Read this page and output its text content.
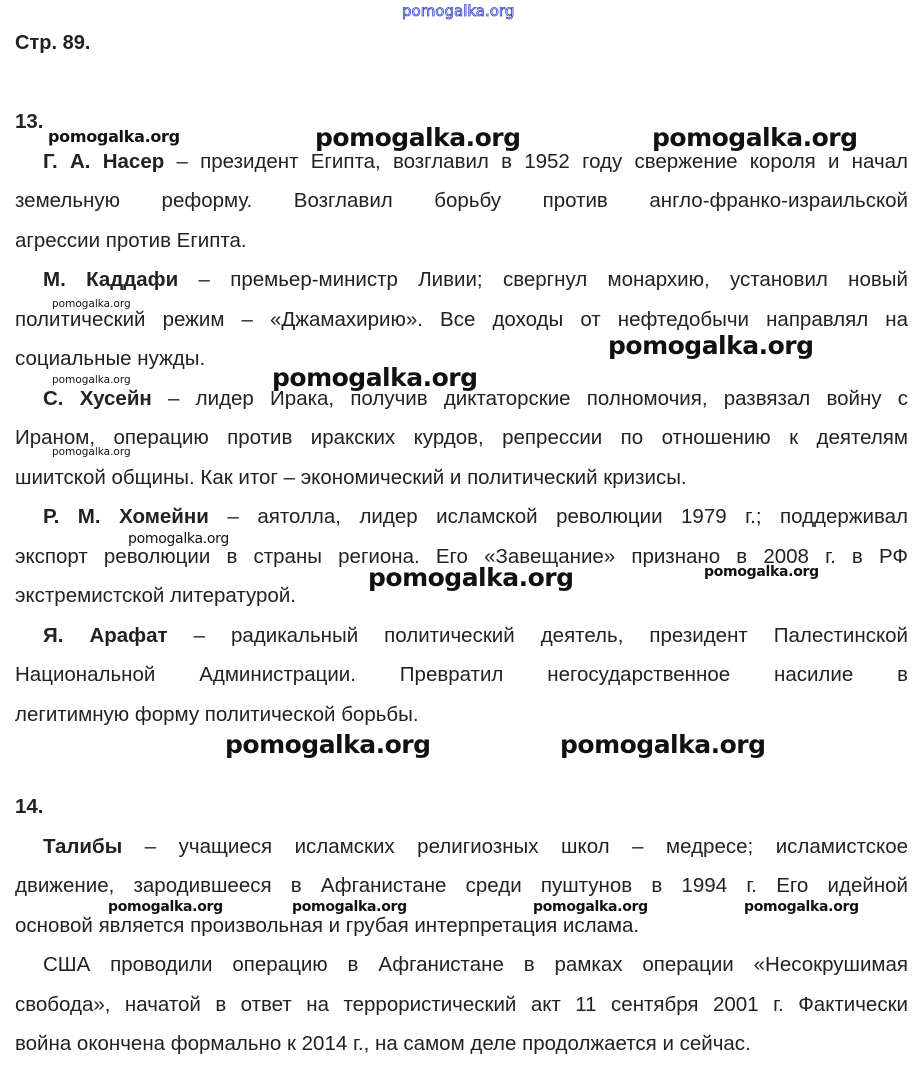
pomogalka.org
Стр. 89.
13.
Г. А. Насер – президент Египта, возглавил в 1952 году свержение короля и начал
земельную реформу. Возглавил борьбу против англо-франко-израильской
агрессии против Египта.
М. Каддафи – премьер-министр Ливии; свергнул монархию, установил новый
политический режим – «Джамахирию». Все доходы от нефтедобычи направлял на
социальные нужды.
С. Хусейн – лидер Ирака, получив диктаторские полномочия, развязал войну с
Ираном, операцию против иракских курдов, репрессии по отношению к деятелям
шиитской общины. Как итог – экономический и политический кризисы.
Р. М. Хомейни – аятолла, лидер исламской революции 1979 г.; поддерживал
экспорт революции в страны региона. Его «Завещание» признано в 2008 г. в РФ
экстремистской литературой.
Я. Арафат – радикальный политический деятель, президент Палестинской
Национальной Администрации. Превратил негосударственное насилие в
легитимную форму политической борьбы.
14.
Талибы – учащиеся исламских религиозных школ – медресе; исламистское
движение, зародившееся в Афганистане среди пуштунов в 1994 г. Его идейной
основой является произвольная и грубая интерпретация ислама.
США проводили операцию в Афганистане в рамках операции «Несокрушимая
свобода», начатой в ответ на террористический акт 11 сентября 2001 г. Фактически
война окончена формально к 2014 г., на самом деле продолжается и сейчас.
pomogalka.org	pomogalka.org
pomogalka.org
pomogalka.org
pomogalka.org
pomogalka.org	pomogalka.org
pomogalka.org
pomogalka.org
pomogalka.org	pomogalka.org
pomogalka.org	pomogalka.org
pomogalka.org	pomogalka.org	pomogalka.org	pomogalka.org
